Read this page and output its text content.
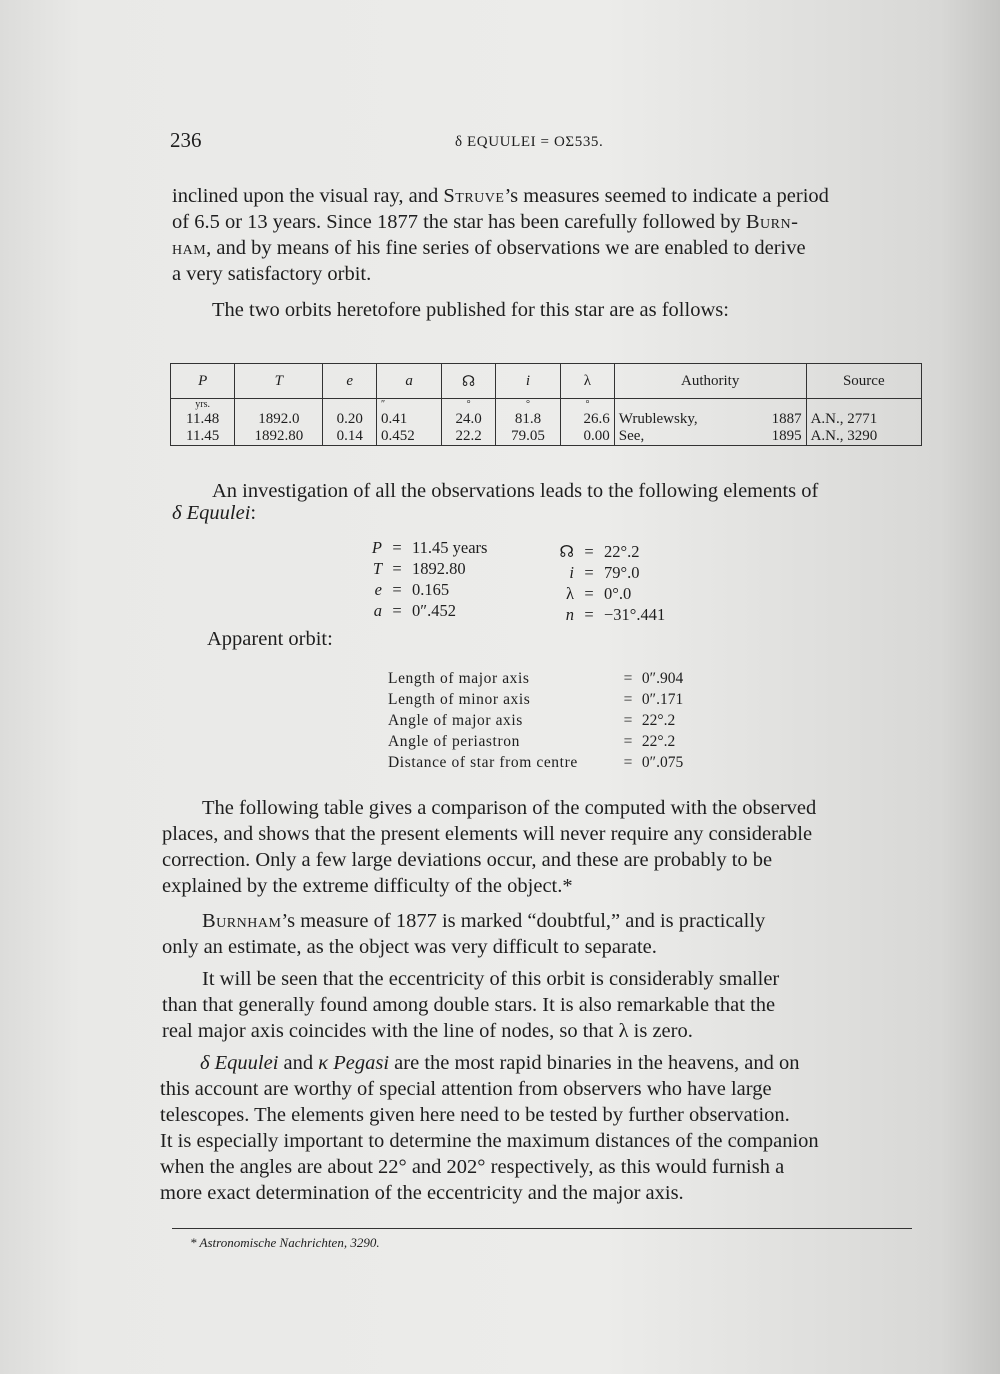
236	δ EQUULEI = OΣ535.
inclined upon the visual ray, and Struve’s measures seemed to indicate a period
of 6.5 or 13 years. Since 1877 the star has been carefully followed by Burn-
ham, and by means of his fine series of observations we are enabled to derive
a very satisfactory orbit.
The two orbits heretofore published for this star are as follows:
P	T	e	a	☊	i	λ	Authority		Source
yrs.			″	°	°	°			
11.48	1892.0	0.20	0.41	24.0	81.8	26.6	Wrublewsky,	1887	A.N., 2771
11.45	1892.80	0.14	0.452	22.2	79.05	0.00	See,	1895	A.N., 3290
An investigation of all the observations leads to the following elements of
δ Equulei:
P = 11.45 years
T = 1892.80
e = 0.165
a = 0″.452
☊ = 22°.2
i = 79°.0
λ = 0°.0
n = −31°.441
Apparent orbit:
Length of major axis	= 0″.904
Length of minor axis	= 0″.171
Angle of major axis	= 22°.2
Angle of periastron	= 22°.2
Distance of star from centre	= 0″.075
The following table gives a comparison of the computed with the observed
places, and shows that the present elements will never require any considerable
correction. Only a few large deviations occur, and these are probably to be
explained by the extreme difficulty of the object.*
Burnham’s measure of 1877 is marked “doubtful,” and is practically
only an estimate, as the object was very difficult to separate.
It will be seen that the eccentricity of this orbit is considerably smaller
than that generally found among double stars. It is also remarkable that the
real major axis coincides with the line of nodes, so that λ is zero.
δ Equulei and κ Pegasi are the most rapid binaries in the heavens, and on
this account are worthy of special attention from observers who have large
telescopes. The elements given here need to be tested by further observation.
It is especially important to determine the maximum distances of the companion
when the angles are about 22° and 202° respectively, as this would furnish a
more exact determination of the eccentricity and the major axis.
* Astronomische Nachrichten, 3290.
